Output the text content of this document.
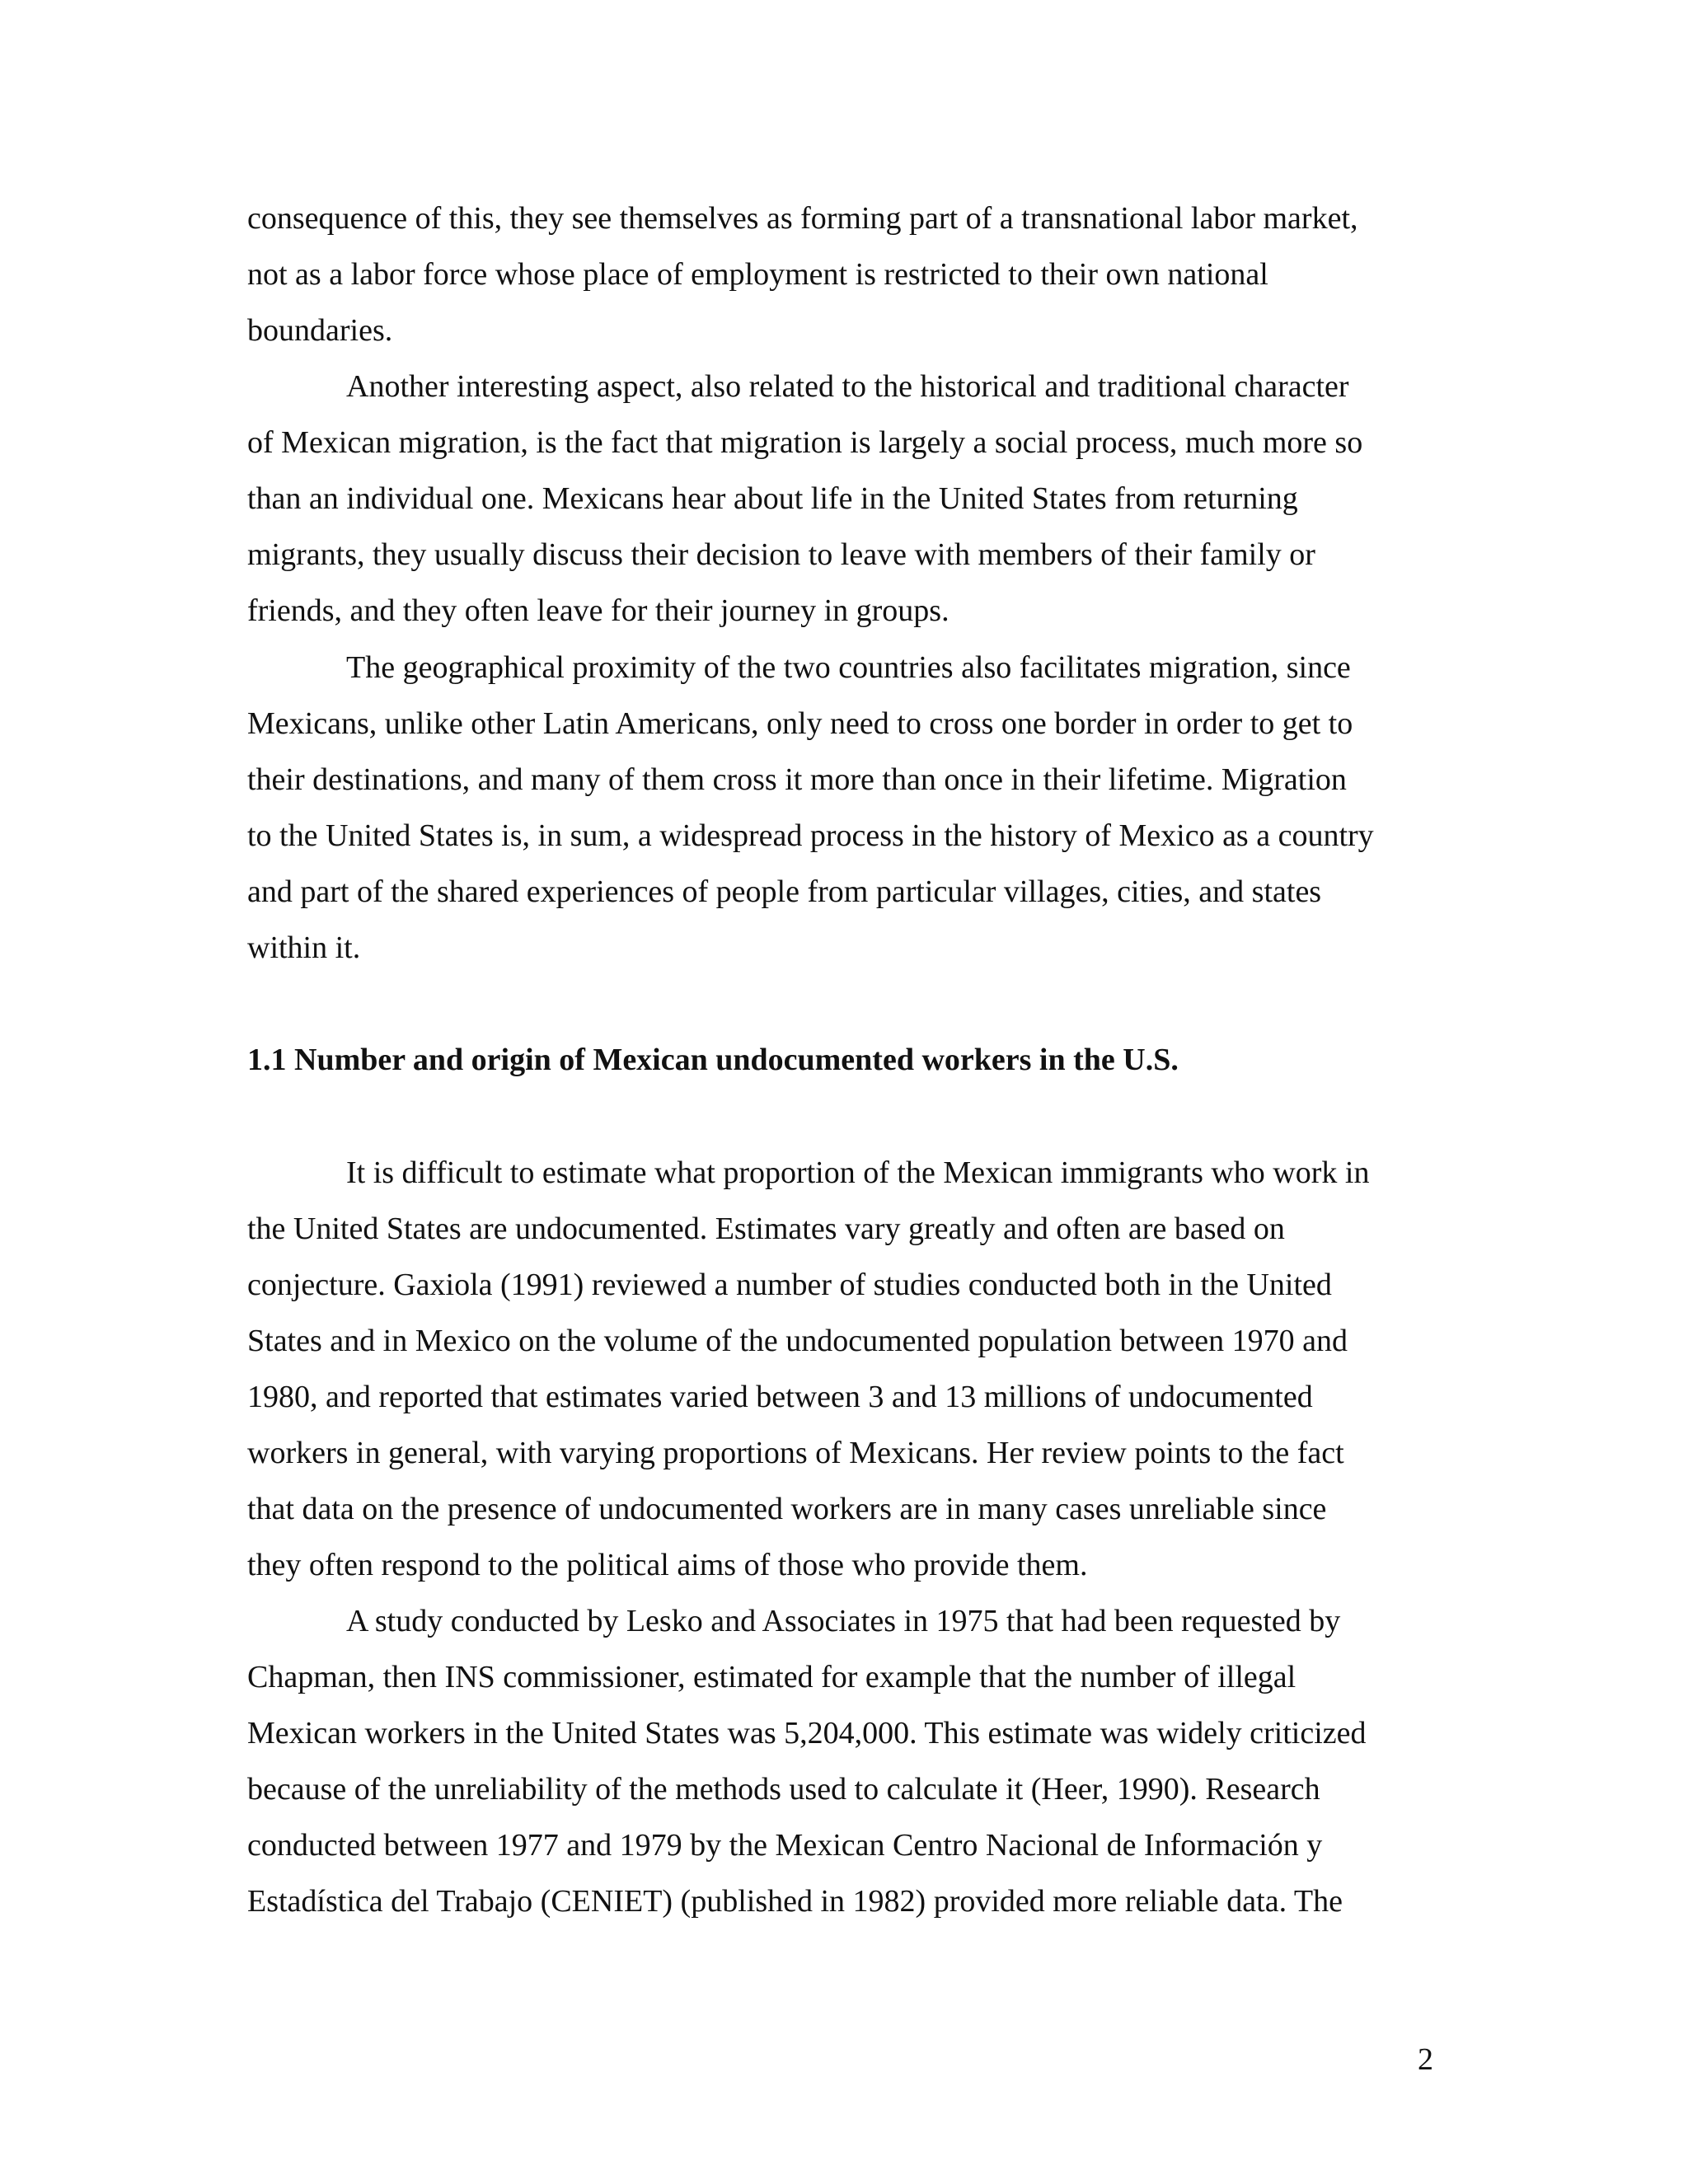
consequence of this, they see themselves as forming part of a transnational labor market,

not as a labor force whose place of employment is restricted to their own national

boundaries.

Another interesting aspect, also related to the historical and traditional character

of Mexican migration, is the fact that migration is largely a social process, much more so

than an individual one. Mexicans hear about life in the United States from returning

migrants, they usually discuss their decision to leave with members of their family or

friends, and they often leave for their journey in groups.

The geographical proximity of the two countries also facilitates migration, since

Mexicans, unlike other Latin Americans, only need to cross one border in order to get to

their destinations, and many of them cross it more than once in their lifetime. Migration

to the United States is, in sum, a widespread process in the history of Mexico as a country

and part of the shared experiences of people from particular villages, cities, and states

within it.

1.1 Number and origin of Mexican undocumented workers in the U.S.

It is difficult to estimate what proportion of the Mexican immigrants who work in

the United States are undocumented. Estimates vary greatly and often are based on

conjecture. Gaxiola (1991) reviewed a number of studies conducted both in the United

States and in Mexico on the volume of the undocumented population between 1970 and

1980, and reported that estimates varied between 3 and 13 millions of undocumented

workers in general, with varying proportions of Mexicans. Her review points to the fact

that data on the presence of undocumented workers are in many cases unreliable since

they often respond to the political aims of those who provide them.

A study conducted by Lesko and Associates in 1975 that had been requested by

Chapman, then INS commissioner, estimated for example that the number of illegal

Mexican workers in the United States was 5,204,000. This estimate was widely criticized

because of the unreliability of the methods used to calculate it (Heer, 1990). Research

conducted between 1977 and 1979 by the Mexican Centro Nacional de Información y

Estadística del Trabajo (CENIET) (published in 1982) provided more reliable data. The

2
